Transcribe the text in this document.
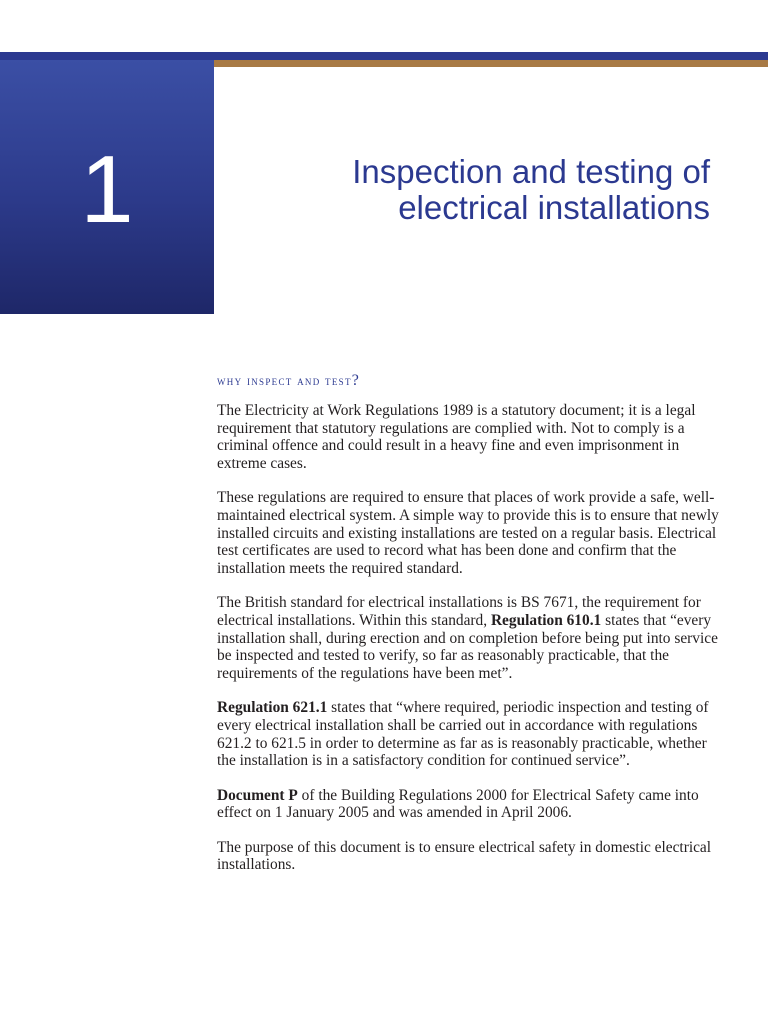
1	Inspection and testing of
electrical installations
why inspect and test?

The Electricity at Work Regulations 1989 is a statutory document; it is a legal requirement that statutory regulations are complied with. Not to comply is a criminal offence and could result in a heavy fine and even imprisonment in extreme cases.

These regulations are required to ensure that places of work provide a safe, well-maintained electrical system. A simple way to provide this is to ensure that newly installed circuits and existing installations are tested on a regular basis. Electrical test certificates are used to record what has been done and confirm that the installation meets the required standard.

The British standard for electrical installations is BS 7671, the requirement for electrical installations. Within this standard, Regulation 610.1 states that “every installation shall, during erection and on completion before being put into service be inspected and tested to verify, so far as reasonably practicable, that the requirements of the regulations have been met”.

Regulation 621.1 states that “where required, periodic inspection and testing of every electrical installation shall be carried out in accordance with regulations 621.2 to 621.5 in order to determine as far as is reasonably practicable, whether the installation is in a satisfactory condition for continued service”.

Document P of the Building Regulations 2000 for Electrical Safety came into effect on 1 January 2005 and was amended in April 2006.

The purpose of this document is to ensure electrical safety in domestic electrical installations.
